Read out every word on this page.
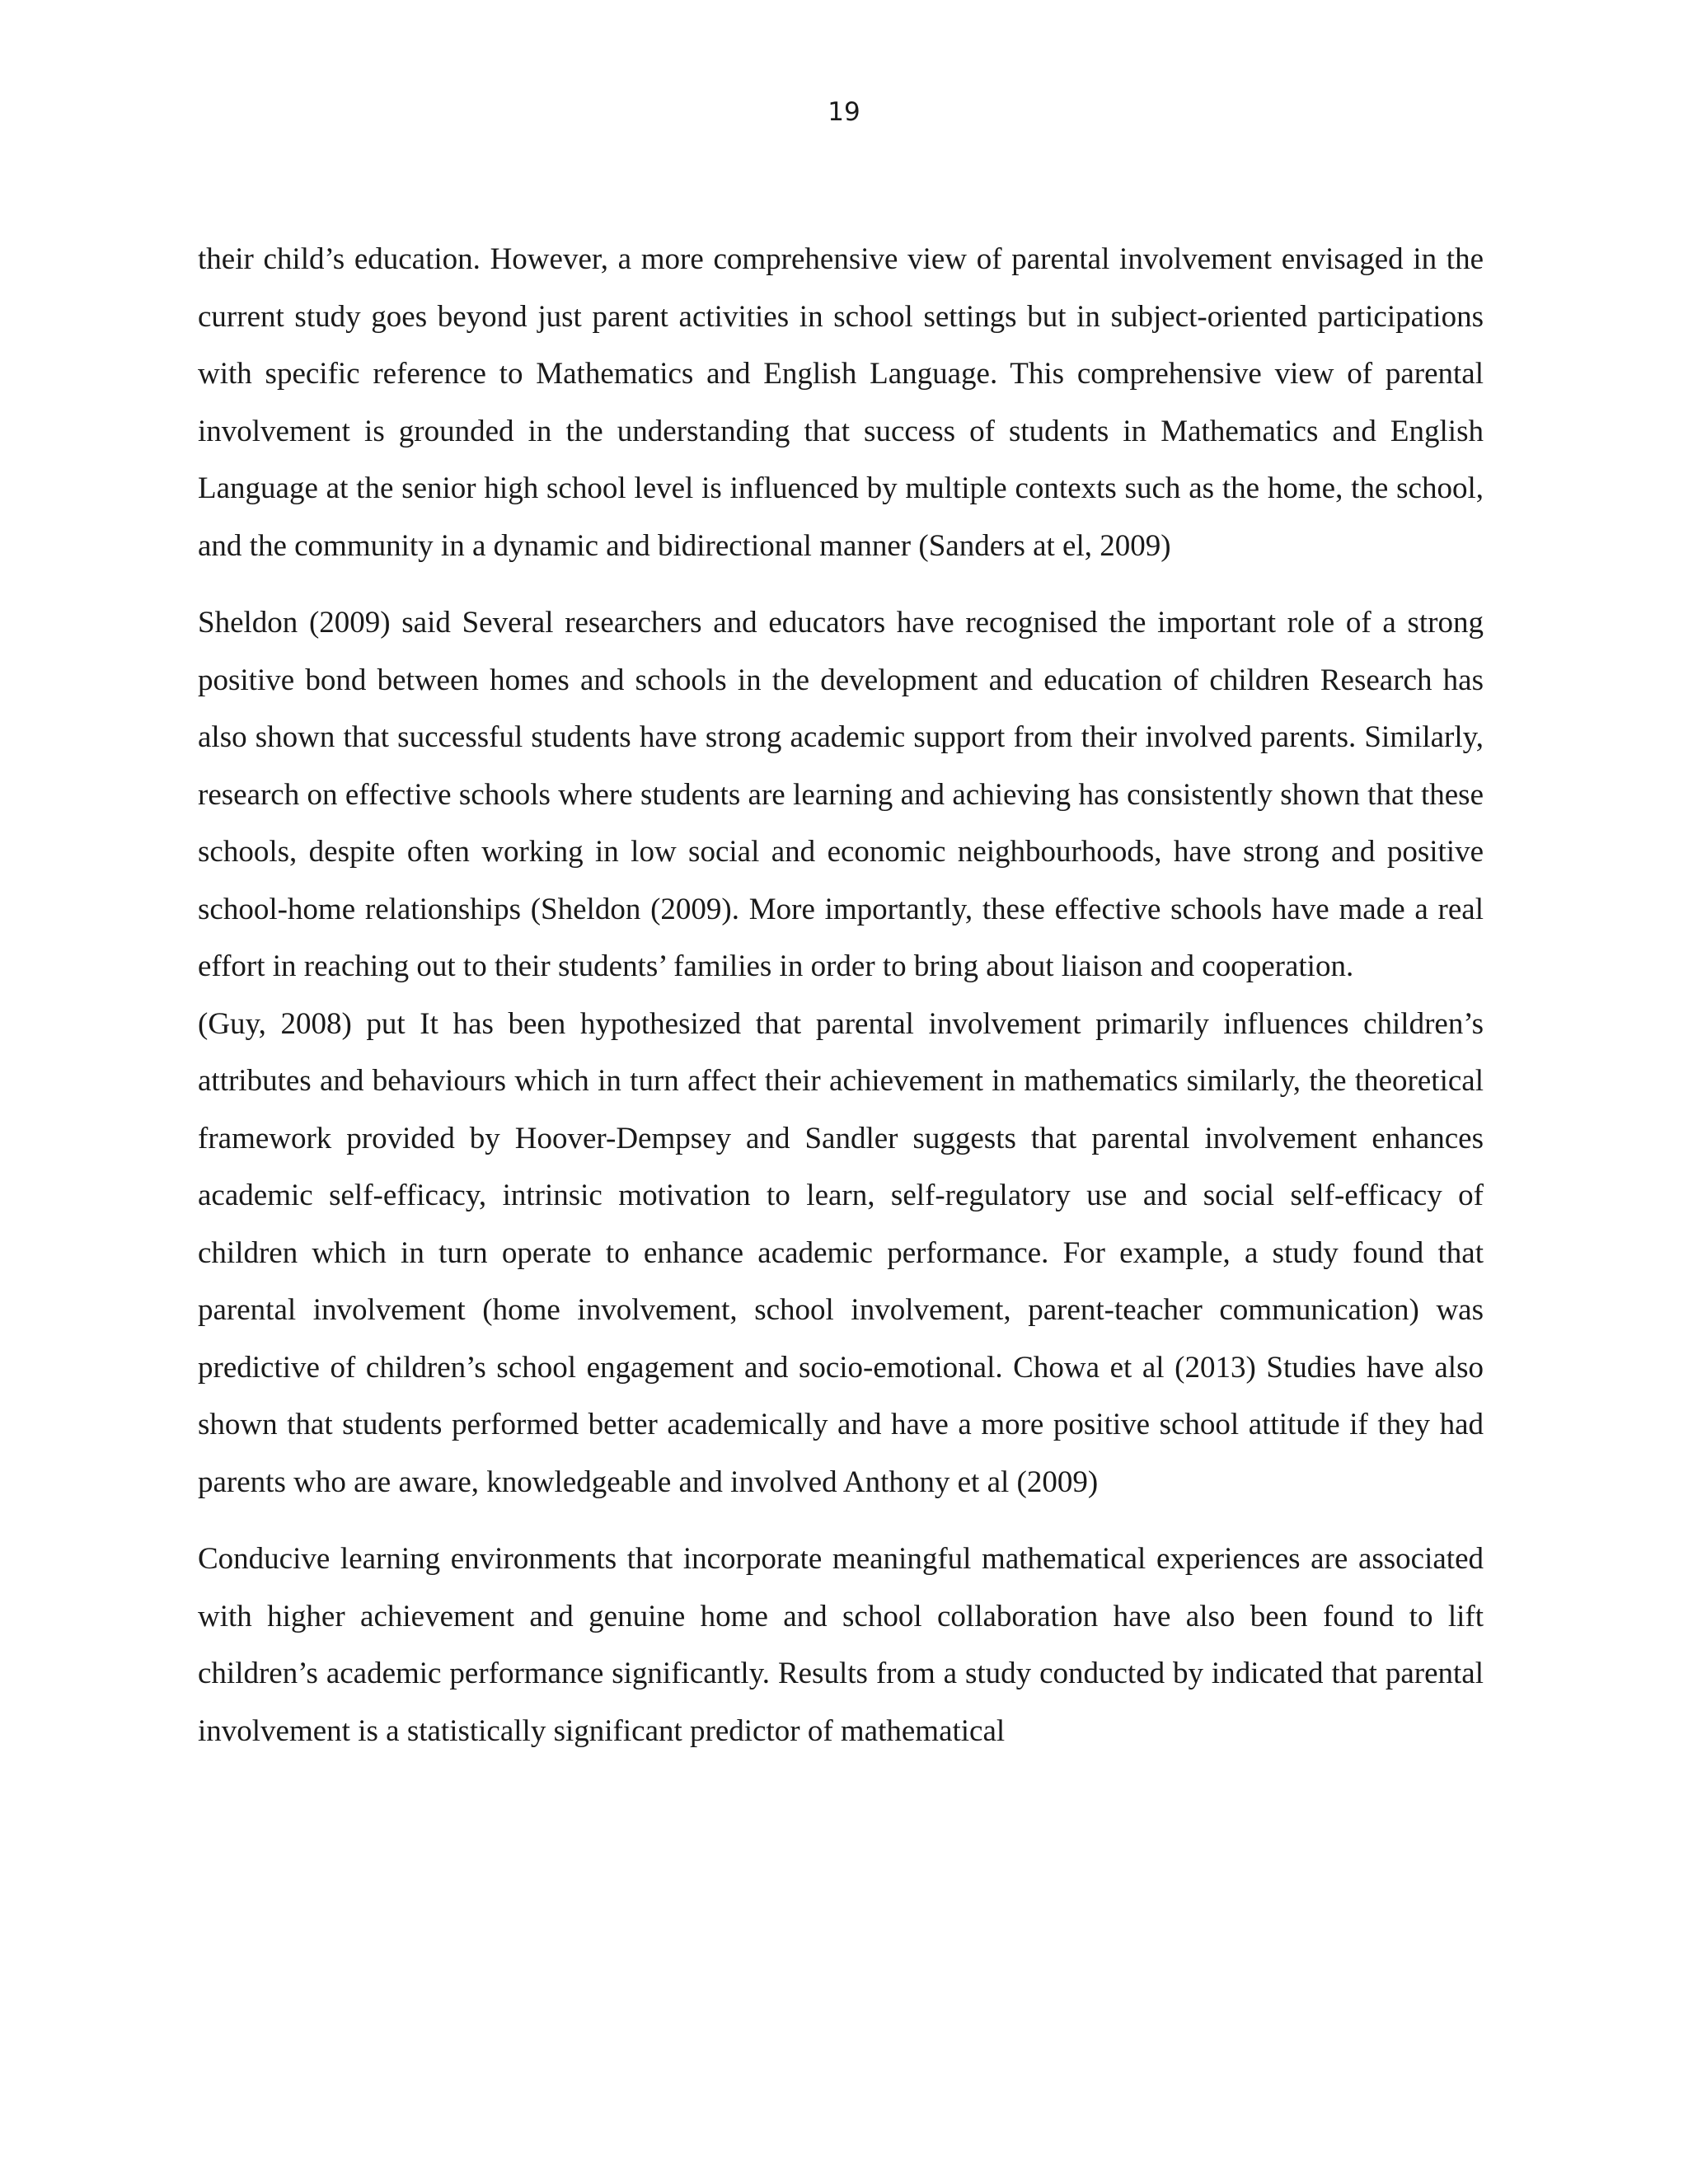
19

their child’s education. However, a more comprehensive view of parental involvement envisaged in the current study goes beyond just parent activities in school settings but in subject-oriented participations with specific reference to Mathematics and English Language. This comprehensive view of parental involvement is grounded in the understanding that success of students in Mathematics and English Language at the senior high school level is influenced by multiple contexts such as the home, the school, and the community in a dynamic and bidirectional manner (Sanders at el, 2009)

Sheldon (2009) said Several researchers and educators have recognised the important role of a strong positive bond between homes and schools in the development and education of children Research has also shown that successful students have strong academic support from their involved parents. Similarly, research on effective schools where students are learning and achieving has consistently shown that these schools, despite often working in low social and economic neighbourhoods, have strong and positive school-home relationships (Sheldon (2009). More importantly, these effective schools have made a real effort in reaching out to their students’ families in order to bring about liaison and cooperation.

(Guy, 2008) put It has been hypothesized that parental involvement primarily influences children’s attributes and behaviours which in turn affect their achievement in mathematics similarly, the theoretical framework provided by Hoover-Dempsey and Sandler suggests that parental involvement enhances academic self-efficacy, intrinsic motivation to learn, self-regulatory use and social self-efficacy of children which in turn operate to enhance academic performance. For example, a study found that parental involvement (home involvement, school involvement, parent-teacher communication) was predictive of children’s school engagement and socio-emotional. Chowa et al (2013) Studies have also shown that students performed better academically and have a more positive school attitude if they had parents who are aware, knowledgeable and involved Anthony et al (2009)

Conducive learning environments that incorporate meaningful mathematical experiences are associated with higher achievement and genuine home and school collaboration have also been found to lift children’s academic performance significantly. Results from a study conducted by indicated that parental involvement is a statistically significant predictor of mathematical
